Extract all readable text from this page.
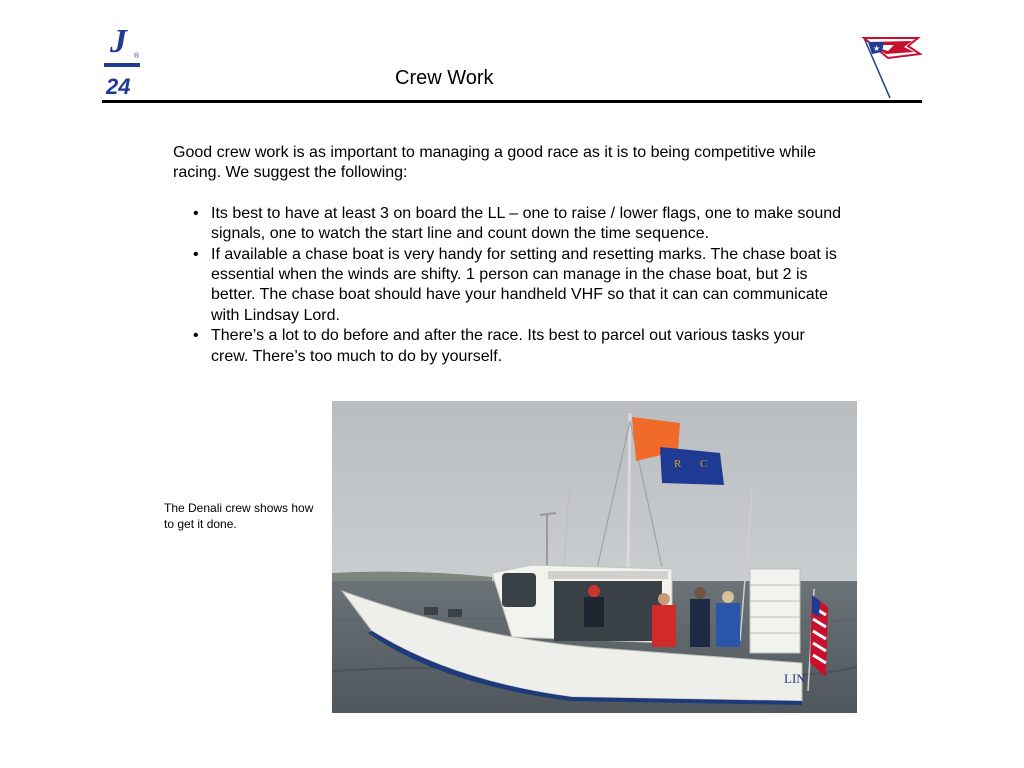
J ®
24	Crew Work
★

Good crew work is as important to managing a good race as it is to being competitive while racing. We suggest the following:

• Its best to have at least 3 on board the LL – one to raise / lower flags, one to make sound signals, one to watch the start line and count down the time sequence.
• If available a chase boat is very handy for setting and resetting marks. The chase boat is essential when the winds are shifty. 1 person can manage in the chase boat, but 2 is better. The chase boat should have your handheld VHF so that it can can communicate with Lindsay Lord.
• There’s a lot to do before and after the race. Its best to parcel out various tasks your crew. There’s too much to do by yourself.
The Denali crew shows how to get it done.
R C
LIN
